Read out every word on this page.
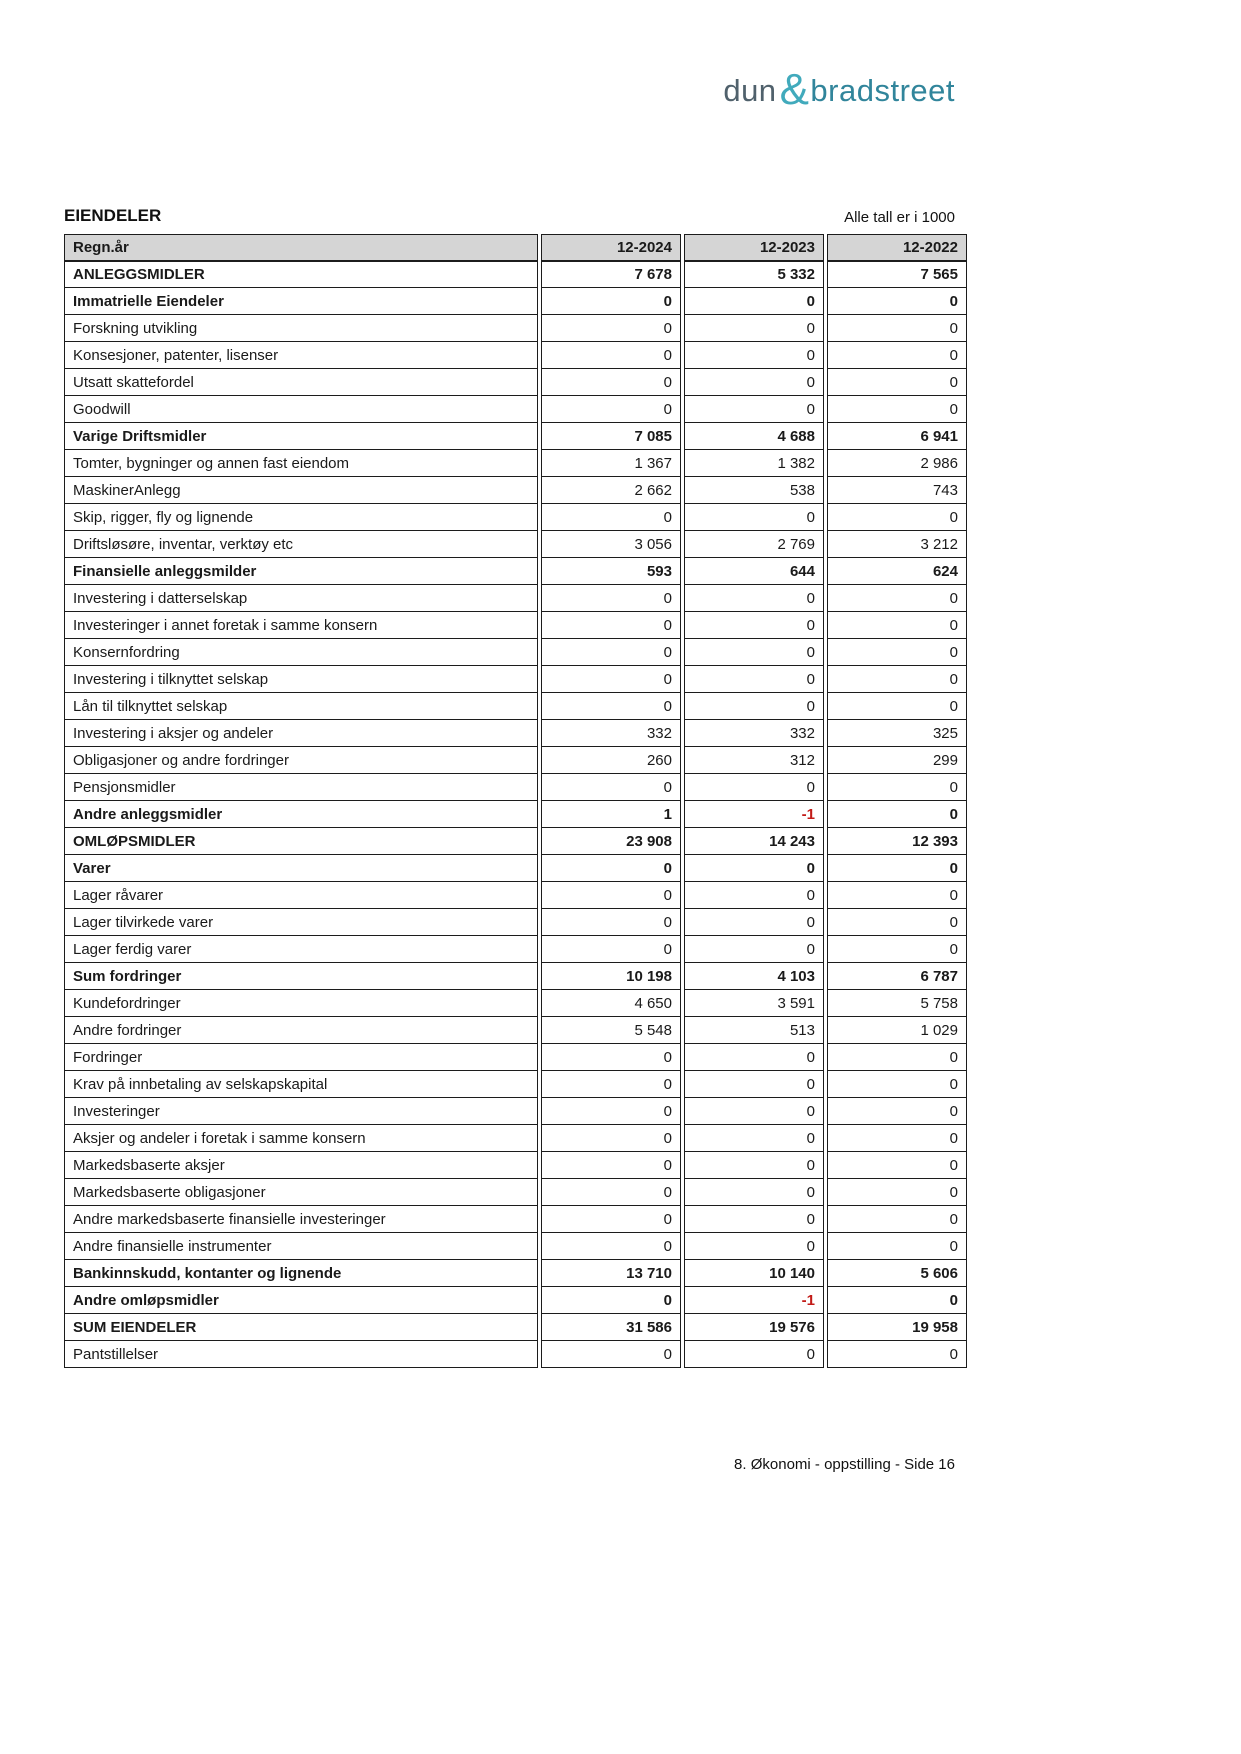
dun & bradstreet
EIENDELER	Alle tall er i 1000
Regn.år	12-2024	12-2023	12-2022
ANLEGGSMIDLER	7 678	5 332	7 565
Immatrielle Eiendeler	0	0	0
Forskning utvikling	0	0	0
Konsesjoner, patenter, lisenser	0	0	0
Utsatt skattefordel	0	0	0
Goodwill	0	0	0
Varige Driftsmidler	7 085	4 688	6 941
Tomter, bygninger og annen fast eiendom	1 367	1 382	2 986
MaskinerAnlegg	2 662	538	743
Skip, rigger, fly og lignende	0	0	0
Driftsløsøre, inventar, verktøy etc	3 056	2 769	3 212
Finansielle anleggsmilder	593	644	624
Investering i datterselskap	0	0	0
Investeringer i annet foretak i samme konsern	0	0	0
Konsernfordring	0	0	0
Investering i tilknyttet selskap	0	0	0
Lån til tilknyttet selskap	0	0	0
Investering i aksjer og andeler	332	332	325
Obligasjoner og andre fordringer	260	312	299
Pensjonsmidler	0	0	0
Andre anleggsmidler	1	-1	0
OMLØPSMIDLER	23 908	14 243	12 393
Varer	0	0	0
Lager råvarer	0	0	0
Lager tilvirkede varer	0	0	0
Lager ferdig varer	0	0	0
Sum fordringer	10 198	4 103	6 787
Kundefordringer	4 650	3 591	5 758
Andre fordringer	5 548	513	1 029
Fordringer	0	0	0
Krav på innbetaling av selskapskapital	0	0	0
Investeringer	0	0	0
Aksjer og andeler i foretak i samme konsern	0	0	0
Markedsbaserte aksjer	0	0	0
Markedsbaserte obligasjoner	0	0	0
Andre markedsbaserte finansielle investeringer	0	0	0
Andre finansielle instrumenter	0	0	0
Bankinnskudd, kontanter og lignende	13 710	10 140	5 606
Andre omløpsmidler	0	-1	0
SUM EIENDELER	31 586	19 576	19 958
Pantstillelser	0	0	0
8. Økonomi - oppstilling - Side 16
